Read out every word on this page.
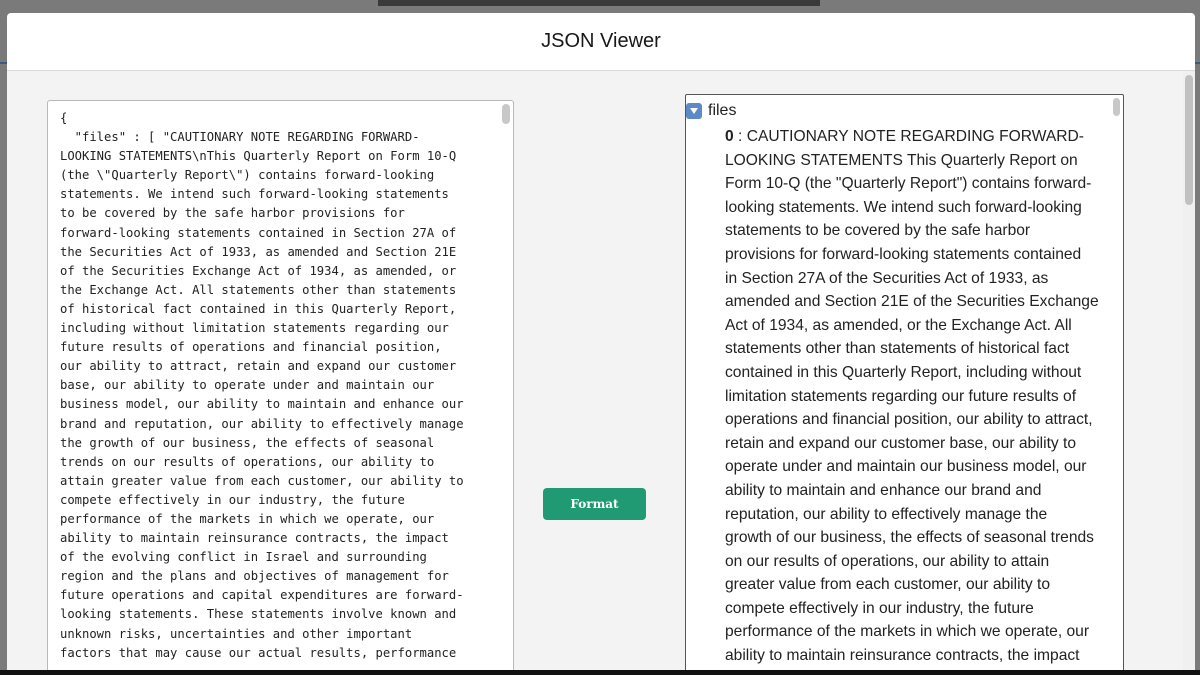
JSON Viewer
{
"files" : [ "CAUTIONARY NOTE REGARDING FORWARD-
LOOKING STATEMENTS\nThis Quarterly Report on Form 10-Q
(the \"Quarterly Report\") contains forward-looking
statements. We intend such forward-looking statements
to be covered by the safe harbor provisions for
forward-looking statements contained in Section 27A of
the Securities Act of 1933, as amended and Section 21E
of the Securities Exchange Act of 1934, as amended, or
the Exchange Act. All statements other than statements
of historical fact contained in this Quarterly Report,
including without limitation statements regarding our
future results of operations and financial position,
our ability to attract, retain and expand our customer
base, our ability to operate under and maintain our
business model, our ability to maintain and enhance our
brand and reputation, our ability to effectively manage
the growth of our business, the effects of seasonal
trends on our results of operations, our ability to
attain greater value from each customer, our ability to
compete effectively in our industry, the future
performance of the markets in which we operate, our
ability to maintain reinsurance contracts, the impact
of the evolving conflict in Israel and surrounding
region and the plans and objectives of management for
future operations and capital expenditures are forward-
looking statements. These statements involve known and
unknown risks, uncertainties and other important
factors that may cause our actual results, performance
Format
files
0 : CAUTIONARY NOTE REGARDING FORWARD-
LOOKING STATEMENTS This Quarterly Report on
Form 10-Q (the "Quarterly Report") contains forward-
looking statements. We intend such forward-looking
statements to be covered by the safe harbor
provisions for forward-looking statements contained
in Section 27A of the Securities Act of 1933, as
amended and Section 21E of the Securities Exchange
Act of 1934, as amended, or the Exchange Act. All
statements other than statements of historical fact
contained in this Quarterly Report, including without
limitation statements regarding our future results of
operations and financial position, our ability to attract,
retain and expand our customer base, our ability to
operate under and maintain our business model, our
ability to maintain and enhance our brand and
reputation, our ability to effectively manage the
growth of our business, the effects of seasonal trends
on our results of operations, our ability to attain
greater value from each customer, our ability to
compete effectively in our industry, the future
performance of the markets in which we operate, our
ability to maintain reinsurance contracts, the impact
